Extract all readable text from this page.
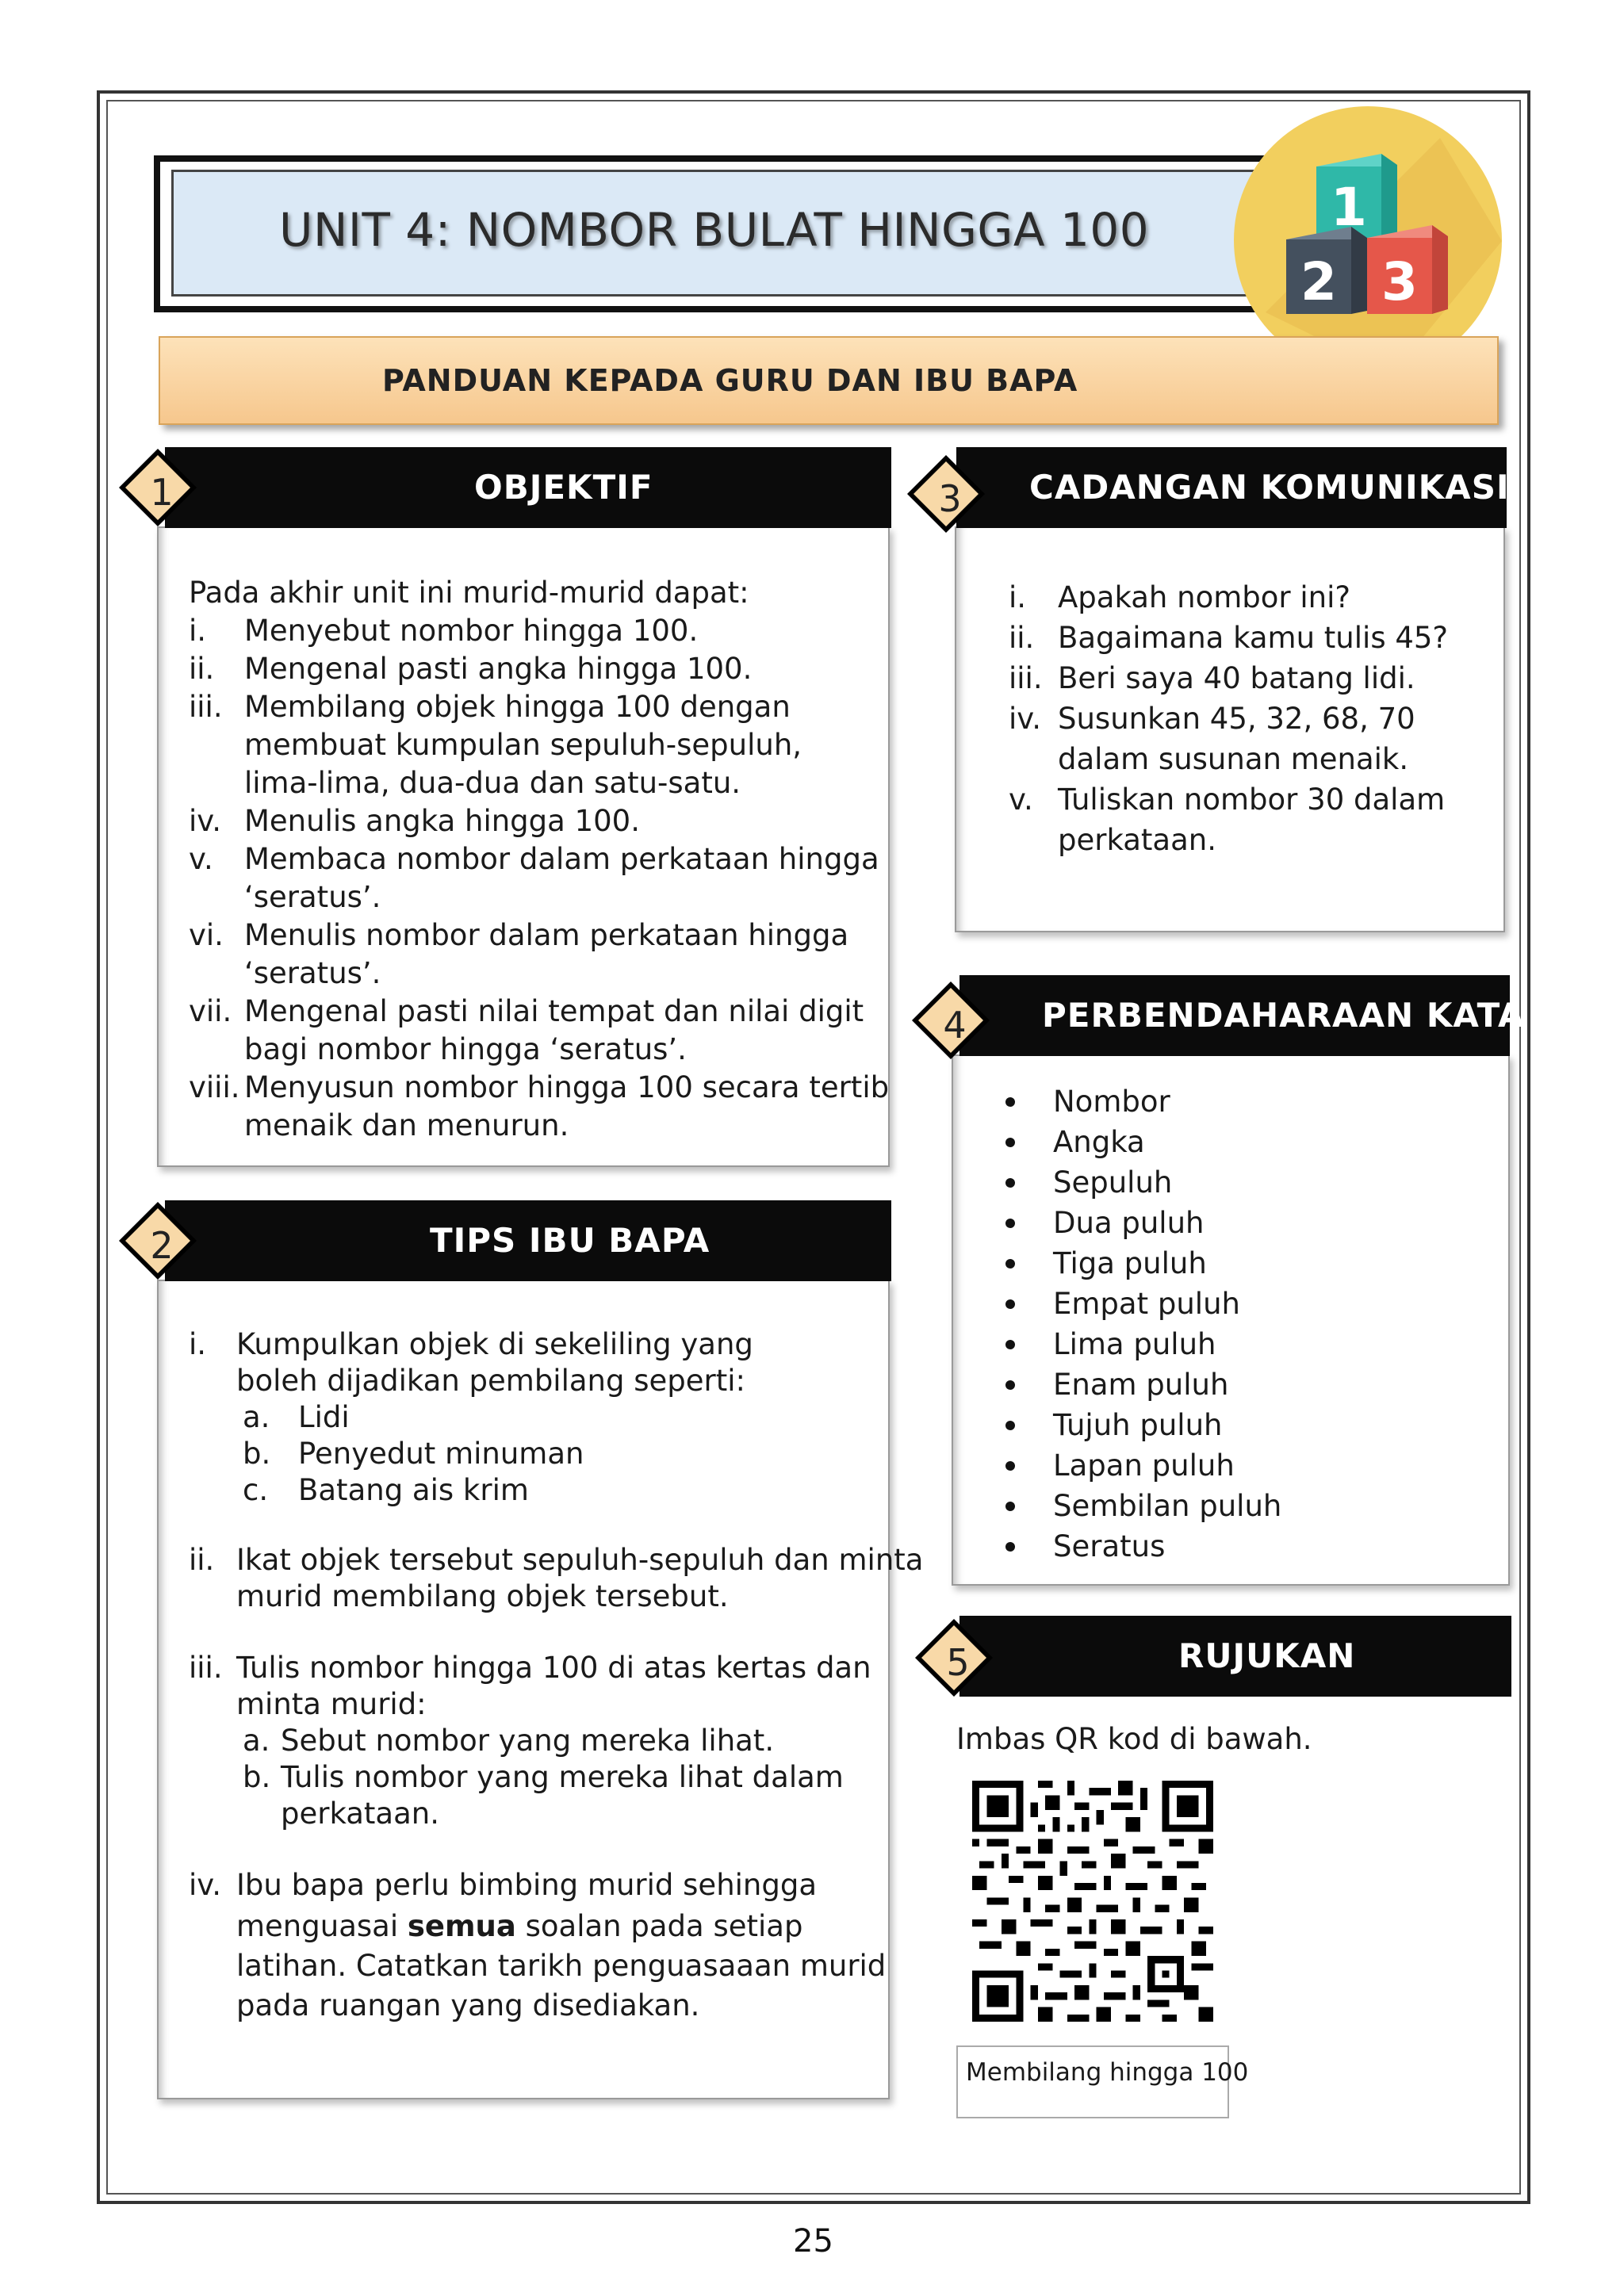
UNIT 4: NOMBOR BULAT HINGGA 100	1
2 3
PANDUAN KEPADA GURU DAN IBU BAPA
OBJEKTIF
1
Pada akhir unit ini murid-murid dapat:
i. Menyebut nombor hingga 100.
ii. Mengenal pasti angka hingga 100.
iii. Membilang objek hingga 100 dengan
membuat kumpulan sepuluh-sepuluh,
lima-lima, dua-dua dan satu-satu.
iv. Menulis angka hingga 100.
v. Membaca nombor dalam perkataan hingga
‘seratus’.
vi. Menulis nombor dalam perkataan hingga
‘seratus’.
vii. Mengenal pasti nilai tempat dan nilai digit
bagi nombor hingga ‘seratus’.
viii. Menyusun nombor hingga 100 secara tertib
menaik dan menurun.
TIPS IBU BAPA
2
i. Kumpulkan objek di sekeliling yang
boleh dijadikan pembilang seperti:
a. Lidi
b. Penyedut minuman
c. Batang ais krim
ii. Ikat objek tersebut sepuluh-sepuluh dan minta
murid membilang objek tersebut.
iii. Tulis nombor hingga 100 di atas kertas dan
minta murid:
a. Sebut nombor yang mereka lihat.
b. Tulis nombor yang mereka lihat dalam
perkataan.
iv. Ibu bapa perlu bimbing murid sehingga
menguasai semua soalan pada setiap
latihan. Catatkan tarikh penguasaaan murid
pada ruangan yang disediakan.
CADANGAN KOMUNIKASI
3
i. Apakah nombor ini?
ii. Bagaimana kamu tulis 45?
iii. Beri saya 40 batang lidi.
iv. Susunkan 45, 32, 68, 70
dalam susunan menaik.
v. Tuliskan nombor 30 dalam
perkataan.
PERBENDAHARAAN KATA
4
Nombor
Angka
Sepuluh
Dua puluh
Tiga puluh
Empat puluh
Lima puluh
Enam puluh
Tujuh puluh
Lapan puluh
Sembilan puluh
Seratus
RUJUKAN
5
Imbas QR kod di bawah.
Membilang hingga 100
25
